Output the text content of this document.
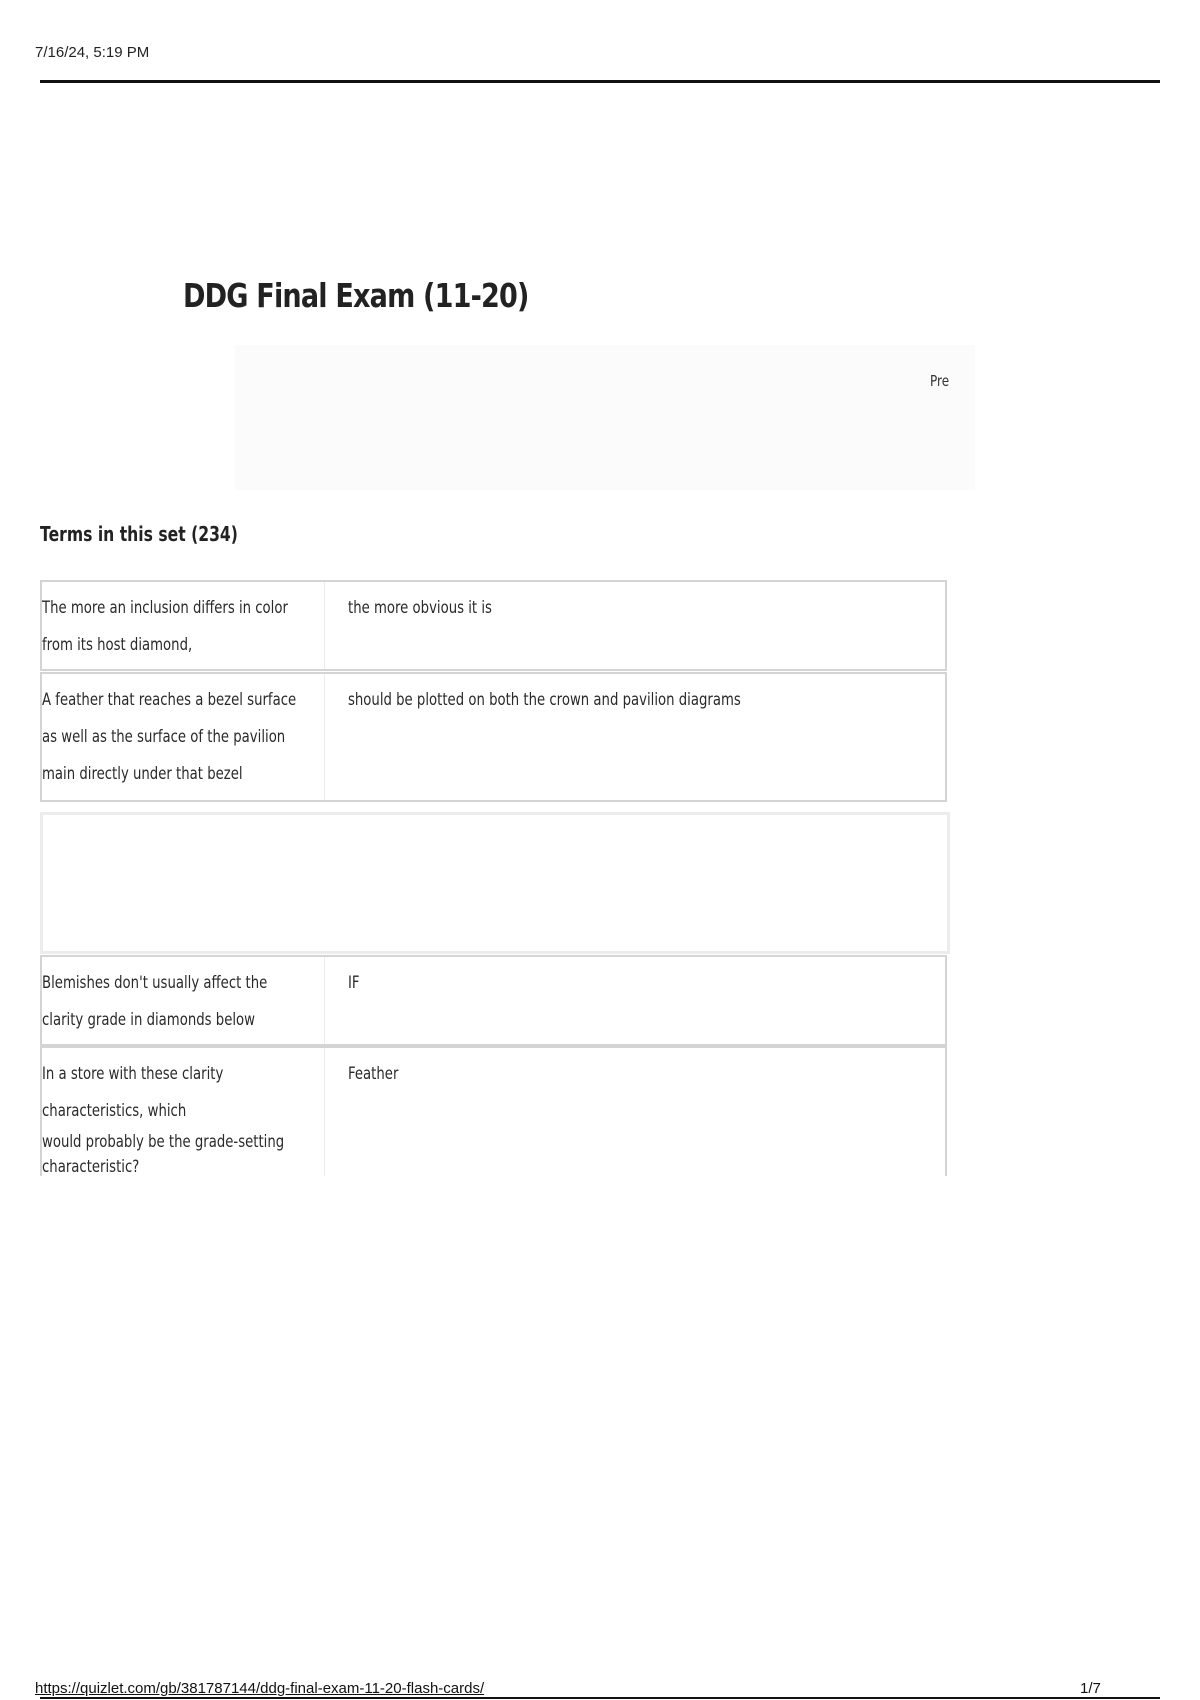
7/16/24, 5:19 PM
DDG Final Exam (11-20)
Pre
Terms in this set (234)
The more an inclusion differs in color from its host diamond,
the more obvious it is
A feather that reaches a bezel surface as well as the surface of the pavilion main directly under that bezel
should be plotted on both the crown and pavilion diagrams
Blemishes don't usually affect the clarity grade in diamonds below
IF
In a store with these clarity characteristics, which
would probably be the grade-setting
characteristic?
Feather
https://quizlet.com/gb/381787144/ddg-final-exam-11-20-flash-cards/	1/7
